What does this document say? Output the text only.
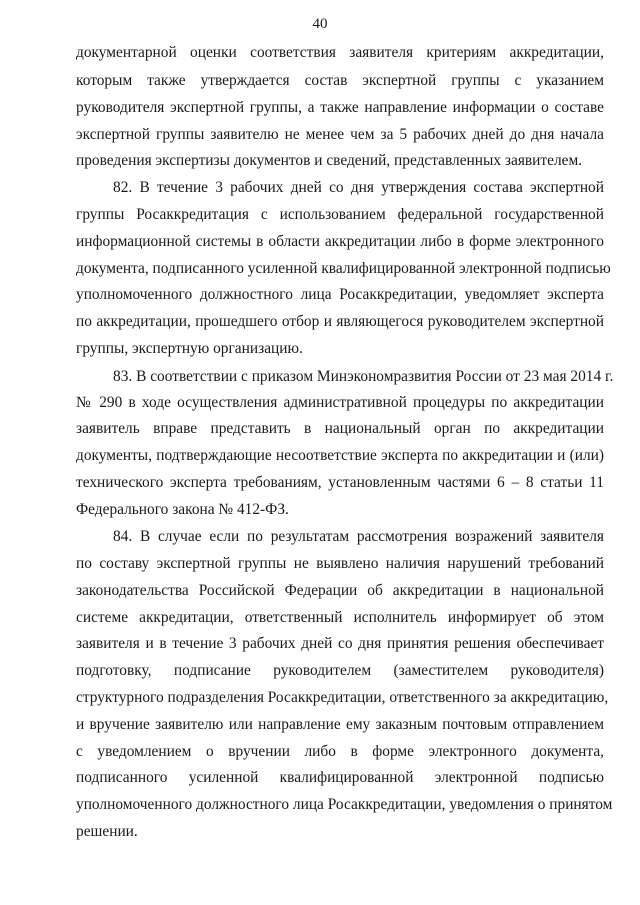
40
документарной оценки соответствия заявителя критериям аккредитации,
которым также утверждается состав экспертной группы с указанием
руководителя экспертной группы, а также направление информации о составе
экспертной группы заявителю не менее чем за 5 рабочих дней до дня начала
проведения экспертизы документов и сведений, представленных заявителем.
82. В течение 3 рабочих дней со дня утверждения состава экспертной
группы Росаккредитация с использованием федеральной государственной
информационной системы в области аккредитации либо в форме электронного
документа, подписанного усиленной квалифицированной электронной подписью
уполномоченного должностного лица Росаккредитации, уведомляет эксперта
по аккредитации, прошедшего отбор и являющегося руководителем экспертной
группы, экспертную организацию.
83. В соответствии с приказом Минэкономразвития России от 23 мая 2014 г.
№ 290 в ходе осуществления административной процедуры по аккредитации
заявитель вправе представить в национальный орган по аккредитации
документы, подтверждающие несоответствие эксперта по аккредитации и (или)
технического эксперта требованиям, установленным частями 6 – 8 статьи 11
Федерального закона № 412-ФЗ.
84. В случае если по результатам рассмотрения возражений заявителя
по составу экспертной группы не выявлено наличия нарушений требований
законодательства Российской Федерации об аккредитации в национальной
системе аккредитации, ответственный исполнитель информирует об этом
заявителя и в течение 3 рабочих дней со дня принятия решения обеспечивает
подготовку, подписание руководителем (заместителем руководителя)
структурного подразделения Росаккредитации, ответственного за аккредитацию,
и вручение заявителю или направление ему заказным почтовым отправлением
с уведомлением о вручении либо в форме электронного документа,
подписанного усиленной квалифицированной электронной подписью
уполномоченного должностного лица Росаккредитации, уведомления о принятом
решении.
